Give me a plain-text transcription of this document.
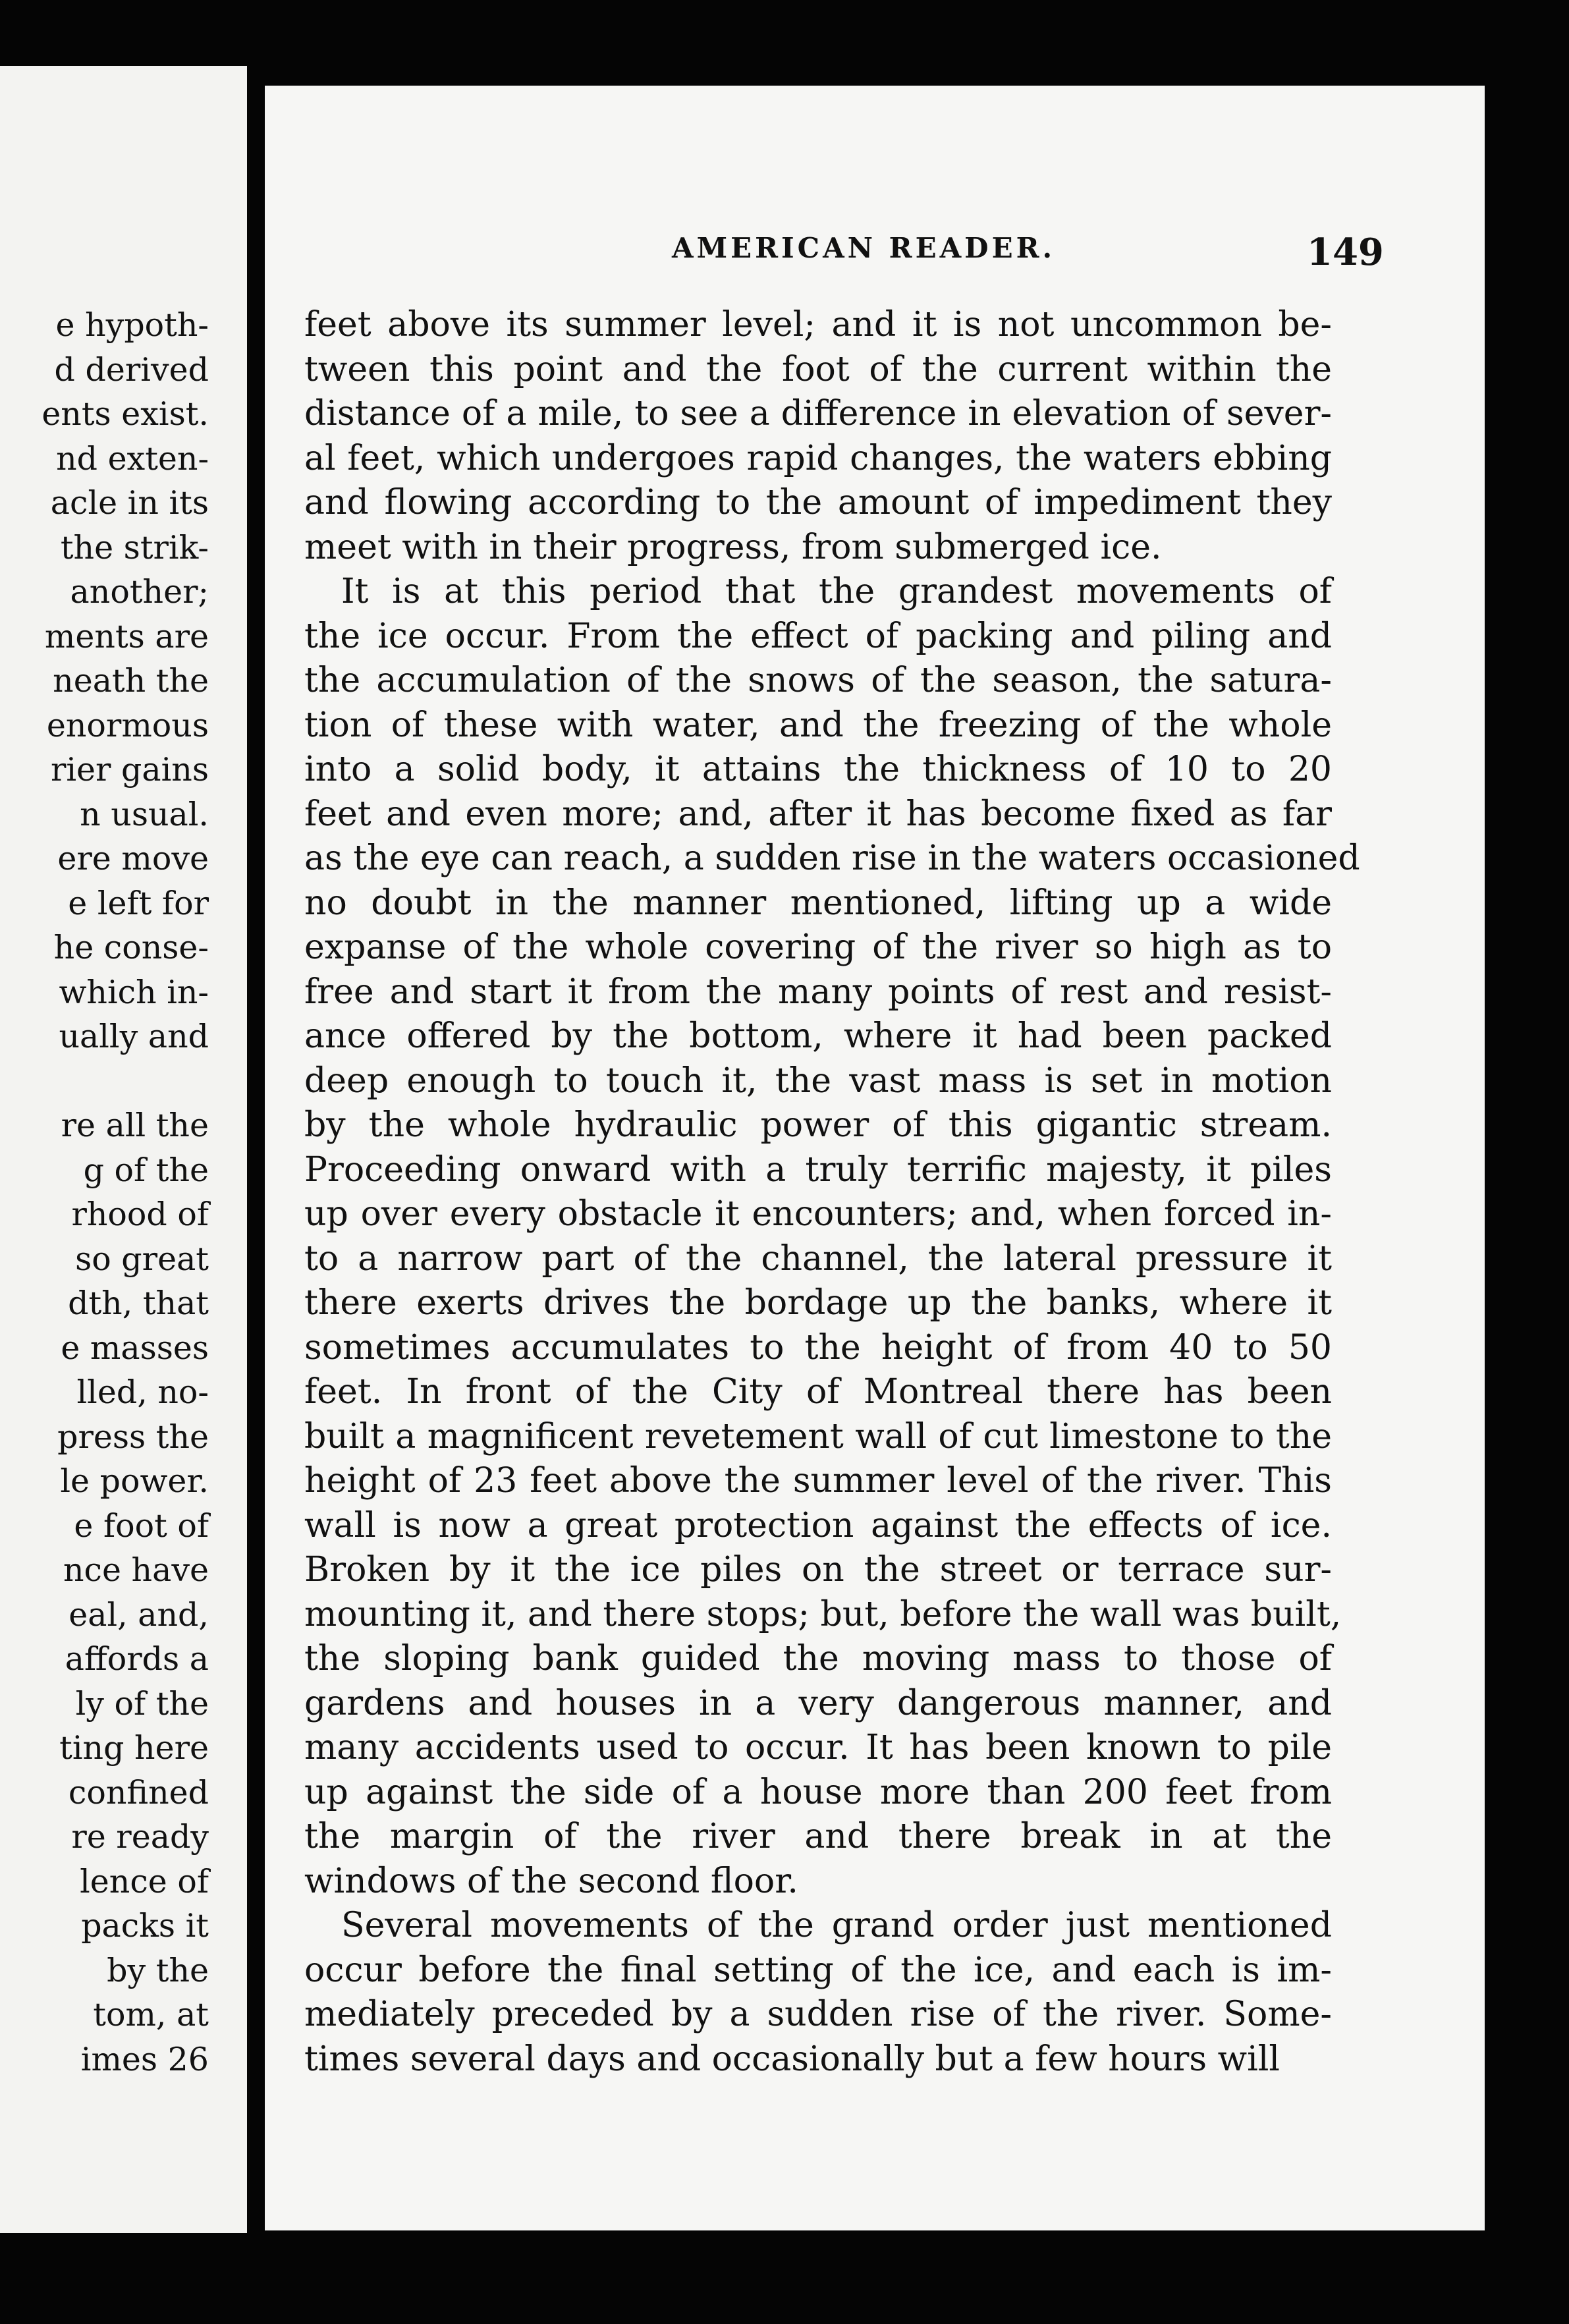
e hypoth-
d derived
ents exist.
nd exten-
acle in its
the strik-
another;
ments are
neath the
enormous
rier gains
n usual.
ere move
e left for
he conse-
which in-
ually and
re all the
g of the
rhood of
so great
dth, that
e masses
lled, no-
press the
le power.
e foot of
nce have
eal, and,
affords a
ly of the
ting here
confined
re ready
lence of
packs it
by the
tom, at
imes 26
AMERICAN READER.	149
feet above its summer level; and it is not uncommon be-
tween this point and the foot of the current within the
distance of a mile, to see a difference in elevation of sever-
al feet, which undergoes rapid changes, the waters ebbing
and flowing according to the amount of impediment they
meet with in their progress, from submerged ice.
It is at this period that the grandest movements of
the ice occur. From the effect of packing and piling and
the accumulation of the snows of the season, the satura-
tion of these with water, and the freezing of the whole
into a solid body, it attains the thickness of 10 to 20
feet and even more; and, after it has become fixed as far
as the eye can reach, a sudden rise in the waters occasioned
no doubt in the manner mentioned, lifting up a wide
expanse of the whole covering of the river so high as to
free and start it from the many points of rest and resist-
ance offered by the bottom, where it had been packed
deep enough to touch it, the vast mass is set in motion
by the whole hydraulic power of this gigantic stream.
Proceeding onward with a truly terrific majesty, it piles
up over every obstacle it encounters; and, when forced in-
to a narrow part of the channel, the lateral pressure it
there exerts drives the bordage up the banks, where it
sometimes accumulates to the height of from 40 to 50
feet. In front of the City of Montreal there has been
built a magnificent revetement wall of cut limestone to the
height of 23 feet above the summer level of the river. This
wall is now a great protection against the effects of ice.
Broken by it the ice piles on the street or terrace sur-
mounting it, and there stops; but, before the wall was built,
the sloping bank guided the moving mass to those of
gardens and houses in a very dangerous manner, and
many accidents used to occur. It has been known to pile
up against the side of a house more than 200 feet from
the margin of the river and there break in at the
windows of the second floor.
Several movements of the grand order just mentioned
occur before the final setting of the ice, and each is im-
mediately preceded by a sudden rise of the river. Some-
times several days and occasionally but a few hours will
